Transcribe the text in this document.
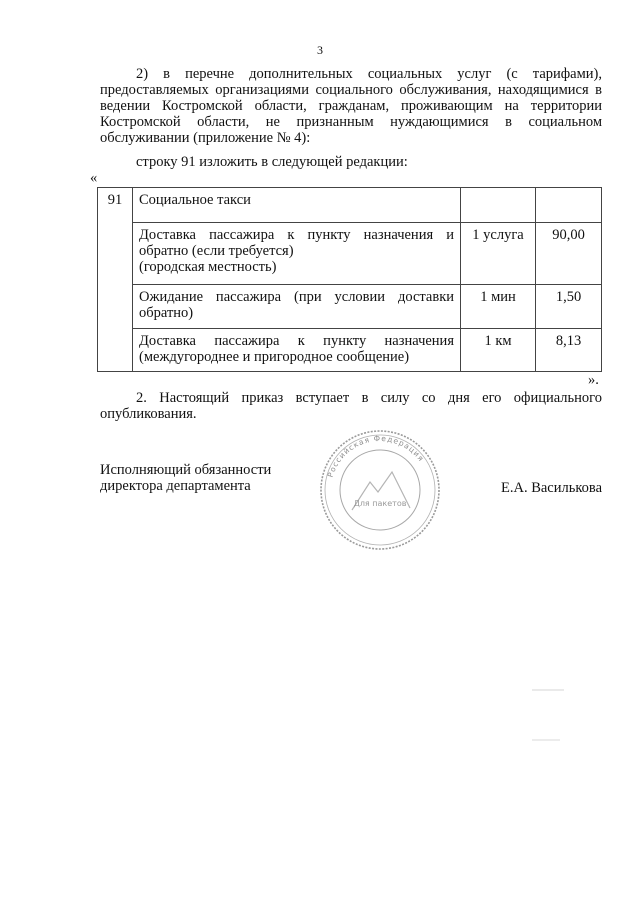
3
2) в перечне дополнительных социальных услуг (с тарифами), предоставляемых организациями социального обслуживания, находящимися в ведении Костромской области, гражданам, проживающим на территории Костромской области, не признанным нуждающимися в социальном обслуживании (приложение № 4):
строку 91 изложить в следующей редакции:
«
91	Социальное такси		
	Доставка пассажира к пункту назначения и обратно (если требуется)
(городская местность)	1 услуга	90,00
	Ожидание пассажира (при условии доставки обратно)	1 мин	1,50
	Доставка пассажира к пункту назначения (междугороднее и пригородное сообщение)	1 км	8,13
».
2. Настоящий приказ вступает в силу со дня его официального опубликования.
Исполняющий обязанности
директора департамента	Е.А. Василькова
Российская Федерация
Для пакетов
